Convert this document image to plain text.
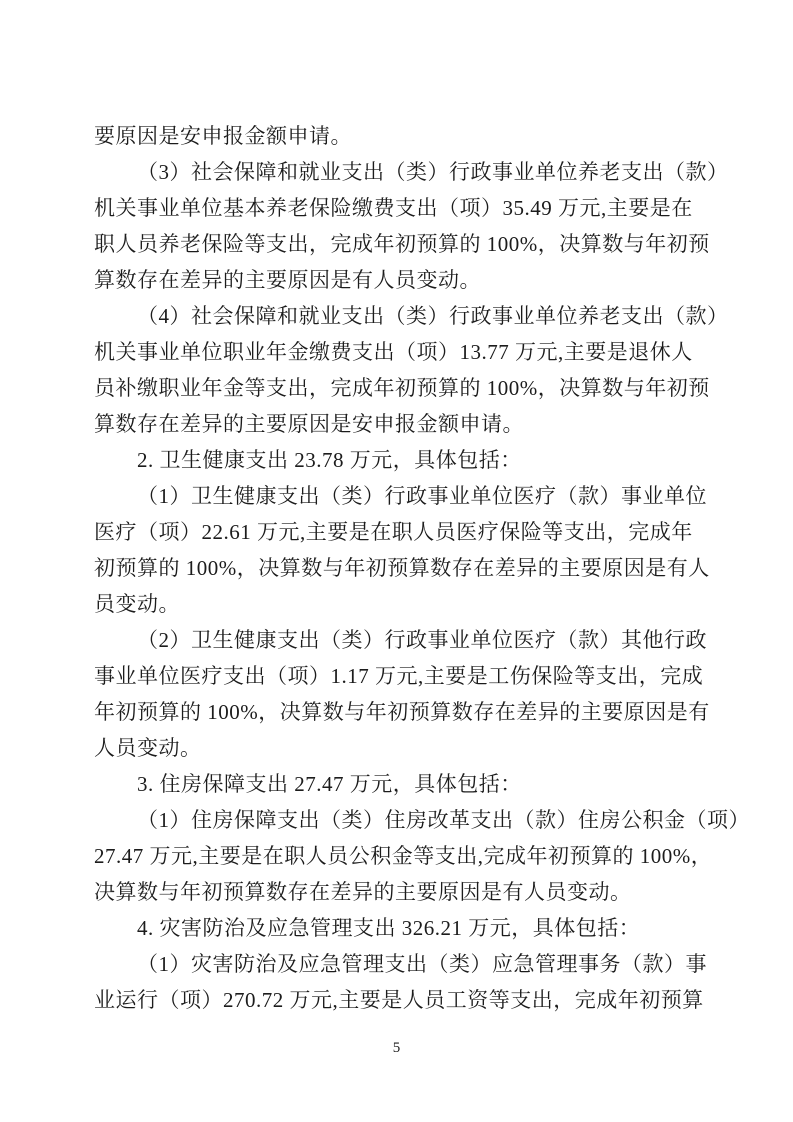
要原因是安申报金额申请。
（3）社会保障和就业支出（类）行政事业单位养老支出（款）
机关事业单位基本养老保险缴费支出（项）35.49 万元,主要是在
职人员养老保险等支出，完成年初预算的 100%，决算数与年初预
算数存在差异的主要原因是有人员变动。
（4）社会保障和就业支出（类）行政事业单位养老支出（款）
机关事业单位职业年金缴费支出（项）13.77 万元,主要是退休人
员补缴职业年金等支出，完成年初预算的 100%，决算数与年初预
算数存在差异的主要原因是安申报金额申请。
2. 卫生健康支出 23.78 万元，具体包括：
（1）卫生健康支出（类）行政事业单位医疗（款）事业单位
医疗（项）22.61 万元,主要是在职人员医疗保险等支出，完成年
初预算的 100%，决算数与年初预算数存在差异的主要原因是有人
员变动。
（2）卫生健康支出（类）行政事业单位医疗（款）其他行政
事业单位医疗支出（项）1.17 万元,主要是工伤保险等支出，完成
年初预算的 100%，决算数与年初预算数存在差异的主要原因是有
人员变动。
3. 住房保障支出 27.47 万元，具体包括：
（1）住房保障支出（类）住房改革支出（款）住房公积金（项）
27.47 万元,主要是在职人员公积金等支出,完成年初预算的 100%，
决算数与年初预算数存在差异的主要原因是有人员变动。
4. 灾害防治及应急管理支出 326.21 万元，具体包括：
（1）灾害防治及应急管理支出（类）应急管理事务（款）事
业运行（项）270.72 万元,主要是人员工资等支出，完成年初预算
5
